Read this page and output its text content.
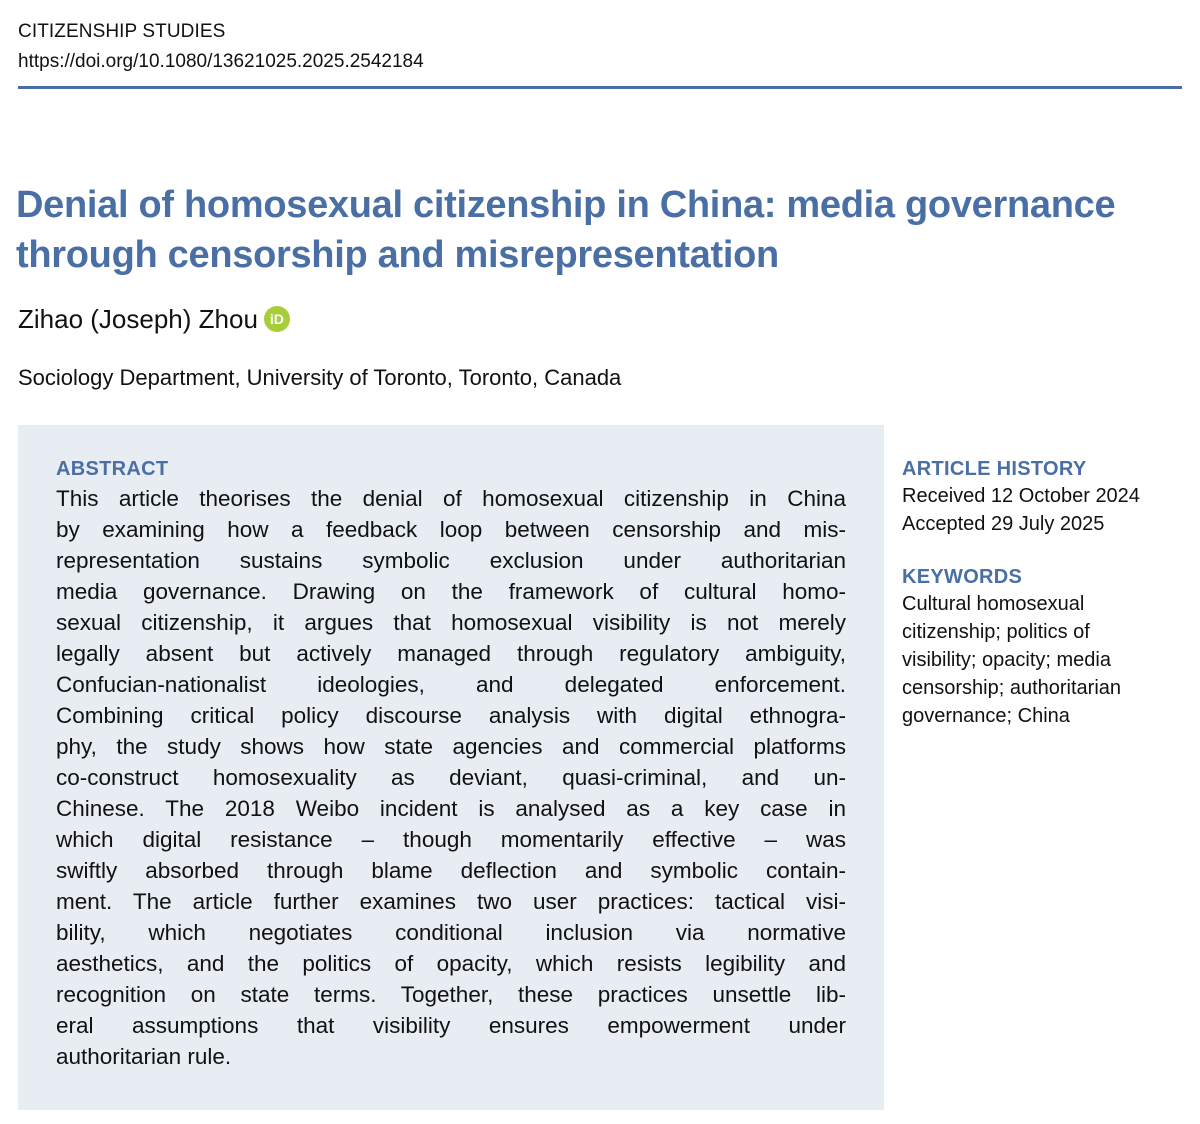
CITIZENSHIP STUDIES
https://doi.org/10.1080/13621025.2025.2542184
Denial of homosexual citizenship in China: media governance
through censorship and misrepresentation
Zihao (Joseph) Zhou iD
Sociology Department, University of Toronto, Toronto, Canada
ABSTRACT
This article theorises the denial of homosexual citizenship in China
by examining how a feedback loop between censorship and mis-
representation sustains symbolic exclusion under authoritarian
media governance. Drawing on the framework of cultural homo-
sexual citizenship, it argues that homosexual visibility is not merely
legally absent but actively managed through regulatory ambiguity,
Confucian-nationalist ideologies, and delegated enforcement.
Combining critical policy discourse analysis with digital ethnogra-
phy, the study shows how state agencies and commercial platforms
co-construct homosexuality as deviant, quasi-criminal, and un-
Chinese. The 2018 Weibo incident is analysed as a key case in
which digital resistance – though momentarily effective – was
swiftly absorbed through blame deflection and symbolic contain-
ment. The article further examines two user practices: tactical visi-
bility, which negotiates conditional inclusion via normative
aesthetics, and the politics of opacity, which resists legibility and
recognition on state terms. Together, these practices unsettle lib-
eral assumptions that visibility ensures empowerment under
authoritarian rule.
ARTICLE HISTORY
Received 12 October 2024
Accepted 29 July 2025
KEYWORDS
Cultural homosexual
citizenship; politics of
visibility; opacity; media
censorship; authoritarian
governance; China
